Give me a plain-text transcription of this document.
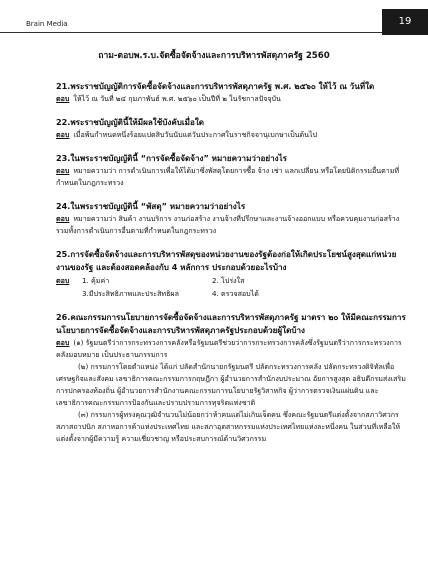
Brain Media	19
ถาม-ตอบพ.ร.บ.จัดซื้อจัดจ้างและการบริหารพัสดุภาครัฐ 2560

21.พระราชบัญญัติการจัดซื้อจัดจ้างและการบริหารพัสดุภาครัฐ พ.ศ. ๒๕๖๐ ให้ไว้ ณ วันที่ใด

ตอบ ให้ไว้ ณ วันที่ ๒๔ กุมภาพันธ์ พ.ศ. ๒๕๖๐ เป็นปีที่ ๒ ในรัชกาลปัจจุบัน

22.พระราชบัญญัตินี้ให้มีผลใช้บังคับเมื่อใด

ตอบ เมื่อพ้นกำหนดหนึ่งร้อยแปดสิบวันนับแต่วันประกาศในราชกิจจานุเบกษาเป็นต้นไป

23.ในพระราชบัญญัตินี้ “การจัดซื้อจัดจ้าง” หมายความว่าอย่างไร

ตอบ หมายความว่า การดำเนินการเพื่อให้ได้มาซึ่งพัสดุโดยการซื้อ จ้าง เช่า แลกเปลี่ยน หรือโดยนิติกรรมอื่นตามที่กำหนดในกฎกระทรวง

24.ในพระราชบัญญัตินี้ “พัสดุ” หมายความว่าอย่างไร

ตอบ หมายความว่า สินค้า งานบริการ งานก่อสร้าง งานจ้างที่ปรึกษาและงานจ้างออกแบบ หรือควบคุมงานก่อสร้าง รวมทั้งการดำเนินการอื่นตามที่กำหนดในกฎกระทรวง

25.การจัดซื้อจัดจ้างและการบริหารพัสดุของหน่วยงานของรัฐต้องก่อให้เกิดประโยชน์สูงสุดแก่หน่วยงานของรัฐ และต้องสอดคล้องกับ 4 หลักการ ประกอบด้วยอะไรบ้าง

ตอบ	1. คุ้มค่า	2. โปร่งใส
3.มีประสิทธิภาพและประสิทธิผล	4. ตรวจสอบได้

26.คณะกรรมการนโยบายการจัดซื้อจัดจ้างและการบริหารพัสดุภาครัฐ มาตรา ๒๐ ให้มีคณะกรรมการนโยบายการจัดซื้อจัดจ้างและการบริหารพัสดุภาครัฐประกอบด้วยผู้ใดบ้าง

ตอบ (๑) รัฐมนตรีว่าการกระทรวงการคลังหรือรัฐมนตรีช่วยว่าการกระทรวงการคลังซึ่งรัฐมนตรีว่าการกระทรวงการคลังมอบหมาย เป็นประธานกรรมการ

(๒) กรรมการโดยตำแหน่ง ได้แก่ ปลัดสำนักนายกรัฐมนตรี ปลัดกระทรวงการคลัง ปลัดกระทรวงดิจิทัลเพื่อเศรษฐกิจและสังคม เลขาธิการคณะกรรมการกฤษฎีกา ผู้อำนวยการสำนักงบประมาณ อัยการสูงสุด อธิบดีกรมส่งเสริมการปกครองท้องถิ่น ผู้อำนวยการสำนักงานคณะกรรมการนโยบายรัฐวิสาหกิจ ผู้ว่าการตรวจเงินแผ่นดิน และเลขาธิการคณะกรรมการป้องกันและปราบปรามการทุจริตแห่งชาติ

(๓) กรรมการผู้ทรงคุณวุฒิจำนวนไม่น้อยกว่าห้าคนแต่ไม่เกินเจ็ดคน ซึ่งคณะรัฐมนตรีแต่งตั้งจากสภาวิศวกร สภาสถาปนิก สภาหอการค้าแห่งประเทศไทย และสภาอุตสาหกรรมแห่งประเทศไทยแห่งละหนึ่งคน ในส่วนที่เหลือให้แต่งตั้งจากผู้มีความรู้ ความเชี่ยวชาญ หรือประสบการณ์ด้านวิศวกรรม
